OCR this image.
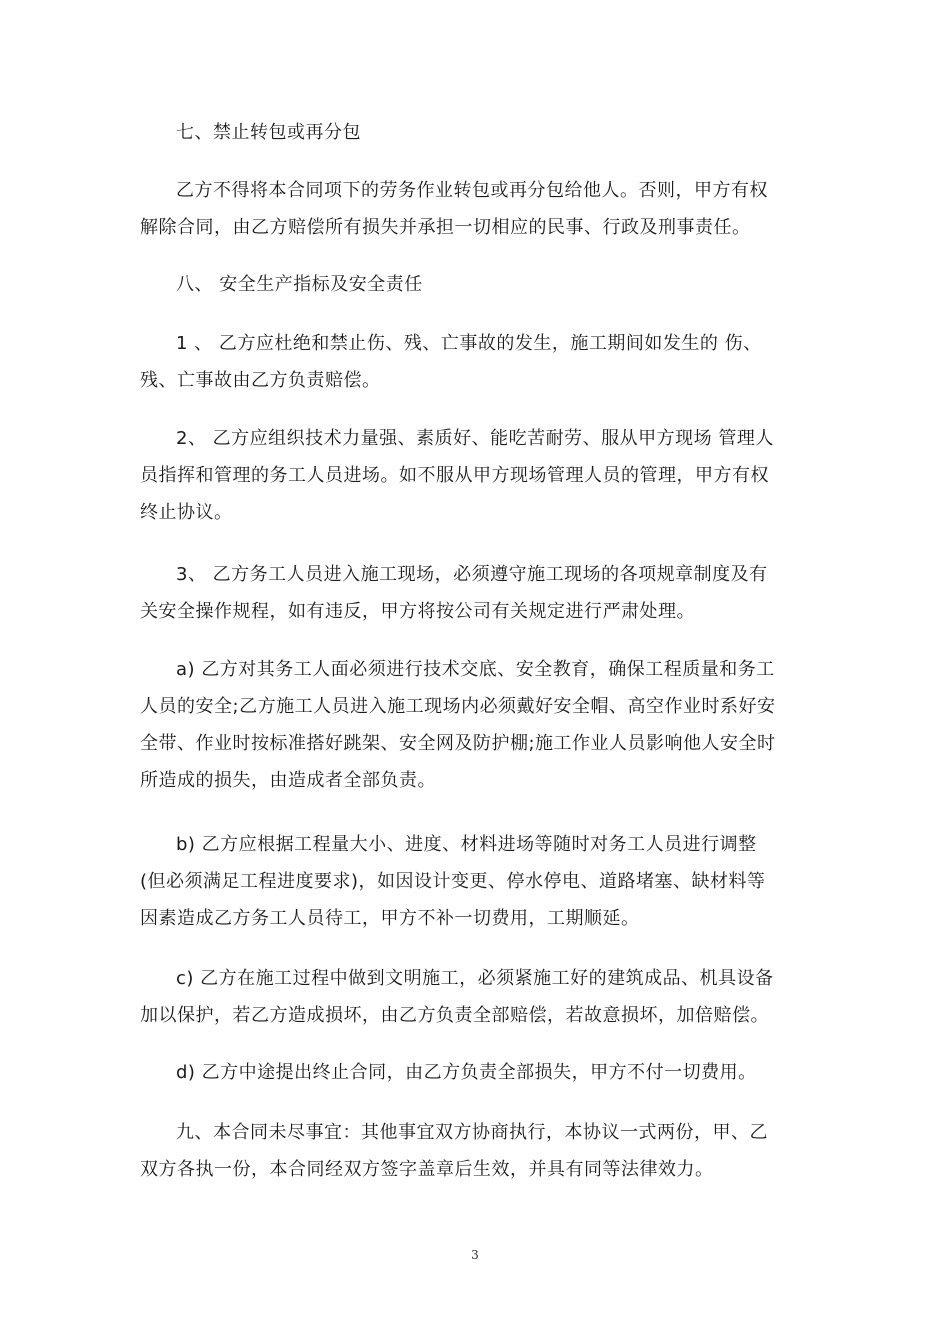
七、禁止转包或再分包

乙方不得将本合同项下的劳务作业转包或再分包给他人。否则，甲方有权
解除合同，由乙方赔偿所有损失并承担一切相应的民事、行政及刑事责任。

八、 安全生产指标及安全责任

1 、 乙方应杜绝和禁止伤、残、亡事故的发生，施工期间如发生的 伤、
残、亡事故由乙方负责赔偿。

2、 乙方应组织技术力量强、素质好、能吃苦耐劳、服从甲方现场 管理人
员指挥和管理的务工人员进场。如不服从甲方现场管理人员的管理，甲方有权
终止协议。

3、 乙方务工人员进入施工现场，必须遵守施工现场的各项规章制度及有
关安全操作规程，如有违反，甲方将按公司有关规定进行严肃处理。

a) 乙方对其务工人面必须进行技术交底、安全教育，确保工程质量和务工
人员的安全;乙方施工人员进入施工现场内必须戴好安全帽、高空作业时系好安
全带、作业时按标准搭好跳架、安全网及防护棚;施工作业人员影响他人安全时
所造成的损失，由造成者全部负责。

b) 乙方应根据工程量大小、进度、材料进场等随时对务工人员进行调整
(但必须满足工程进度要求)，如因设计变更、停水停电、道路堵塞、缺材料等
因素造成乙方务工人员待工，甲方不补一切费用，工期顺延。

c) 乙方在施工过程中做到文明施工，必须紧施工好的建筑成品、机具设备
加以保护，若乙方造成损坏，由乙方负责全部赔偿，若故意损坏，加倍赔偿。

d) 乙方中途提出终止合同，由乙方负责全部损失，甲方不付一切费用。

九、本合同未尽事宜：其他事宜双方协商执行，本协议一式两份，甲、乙
双方各执一份，本合同经双方签字盖章后生效，并具有同等法律效力。

3
